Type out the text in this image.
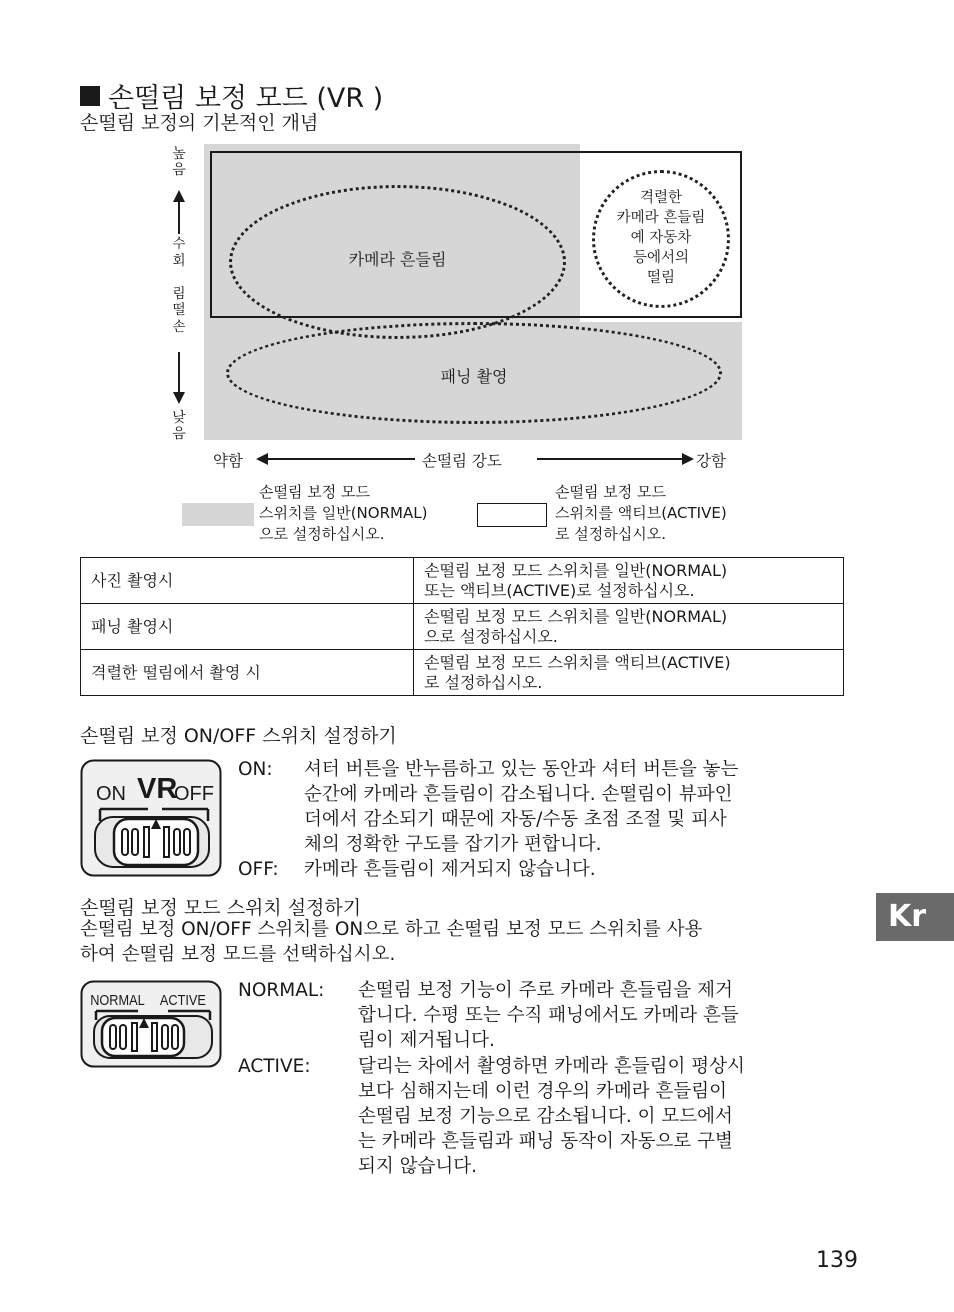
손떨림 보정 모드 (VR )
손떨림 보정의 기본적인 개념
카메라 흔들림
패닝 촬영
격렬한
카메라 흔들림
예 자동차
등에서의
떨림
높
음
수
회

림
떨
손
낮
음
약함	손떨림 강도	강함
손떨림 보정 모드
스위치를 일반(NORMAL)
으로 설정하십시오.
손떨림 보정 모드
스위치를 액티브(ACTIVE)
로 설정하십시오.
사진 촬영시	손떨림 보정 모드 스위치를 일반(NORMAL)
또는 액티브(ACTIVE)로 설정하십시오.

패닝 촬영시	손떨림 보정 모드 스위치를 일반(NORMAL)
으로 설정하십시오.

격렬한 떨림에서 촬영 시	손떨림 보정 모드 스위치를 액티브(ACTIVE)
로 설정하십시오.
손떨림 보정 ON/OFF 스위치 설정하기
ON VR
OFF
ON: 셔터 버튼을 반누름하고 있는 동안과 셔터 버튼을 놓는
순간에 카메라 흔들림이 감소됩니다. 손떨림이 뷰파인
더에서 감소되기 때문에 자동/수동 초점 조절 및 피사
체의 정확한 구도를 잡기가 편합니다.
OFF: 카메라 흔들림이 제거되지 않습니다.
손떨림 보정 모드 스위치 설정하기
손떨림 보정 ON/OFF 스위치를 ON으로 하고 손떨림 보정 모드 스위치를 사용
하여 손떨림 보정 모드를 선택하십시오.
NORMAL ACTIVE NORMAL: 손떨림 보정 기능이 주로 카메라 흔들림을 제거
합니다. 수평 또는 수직 패닝에서도 카메라 흔들
림이 제거됩니다.
ACTIVE:	달리는 차에서 촬영하면 카메라 흔들림이 평상시
보다 심해지는데 이런 경우의 카메라 흔들림이
손떨림 보정 기능으로 감소됩니다. 이 모드에서
는 카메라 흔들림과 패닝 동작이 자동으로 구별
되지 않습니다.
Kr
139
